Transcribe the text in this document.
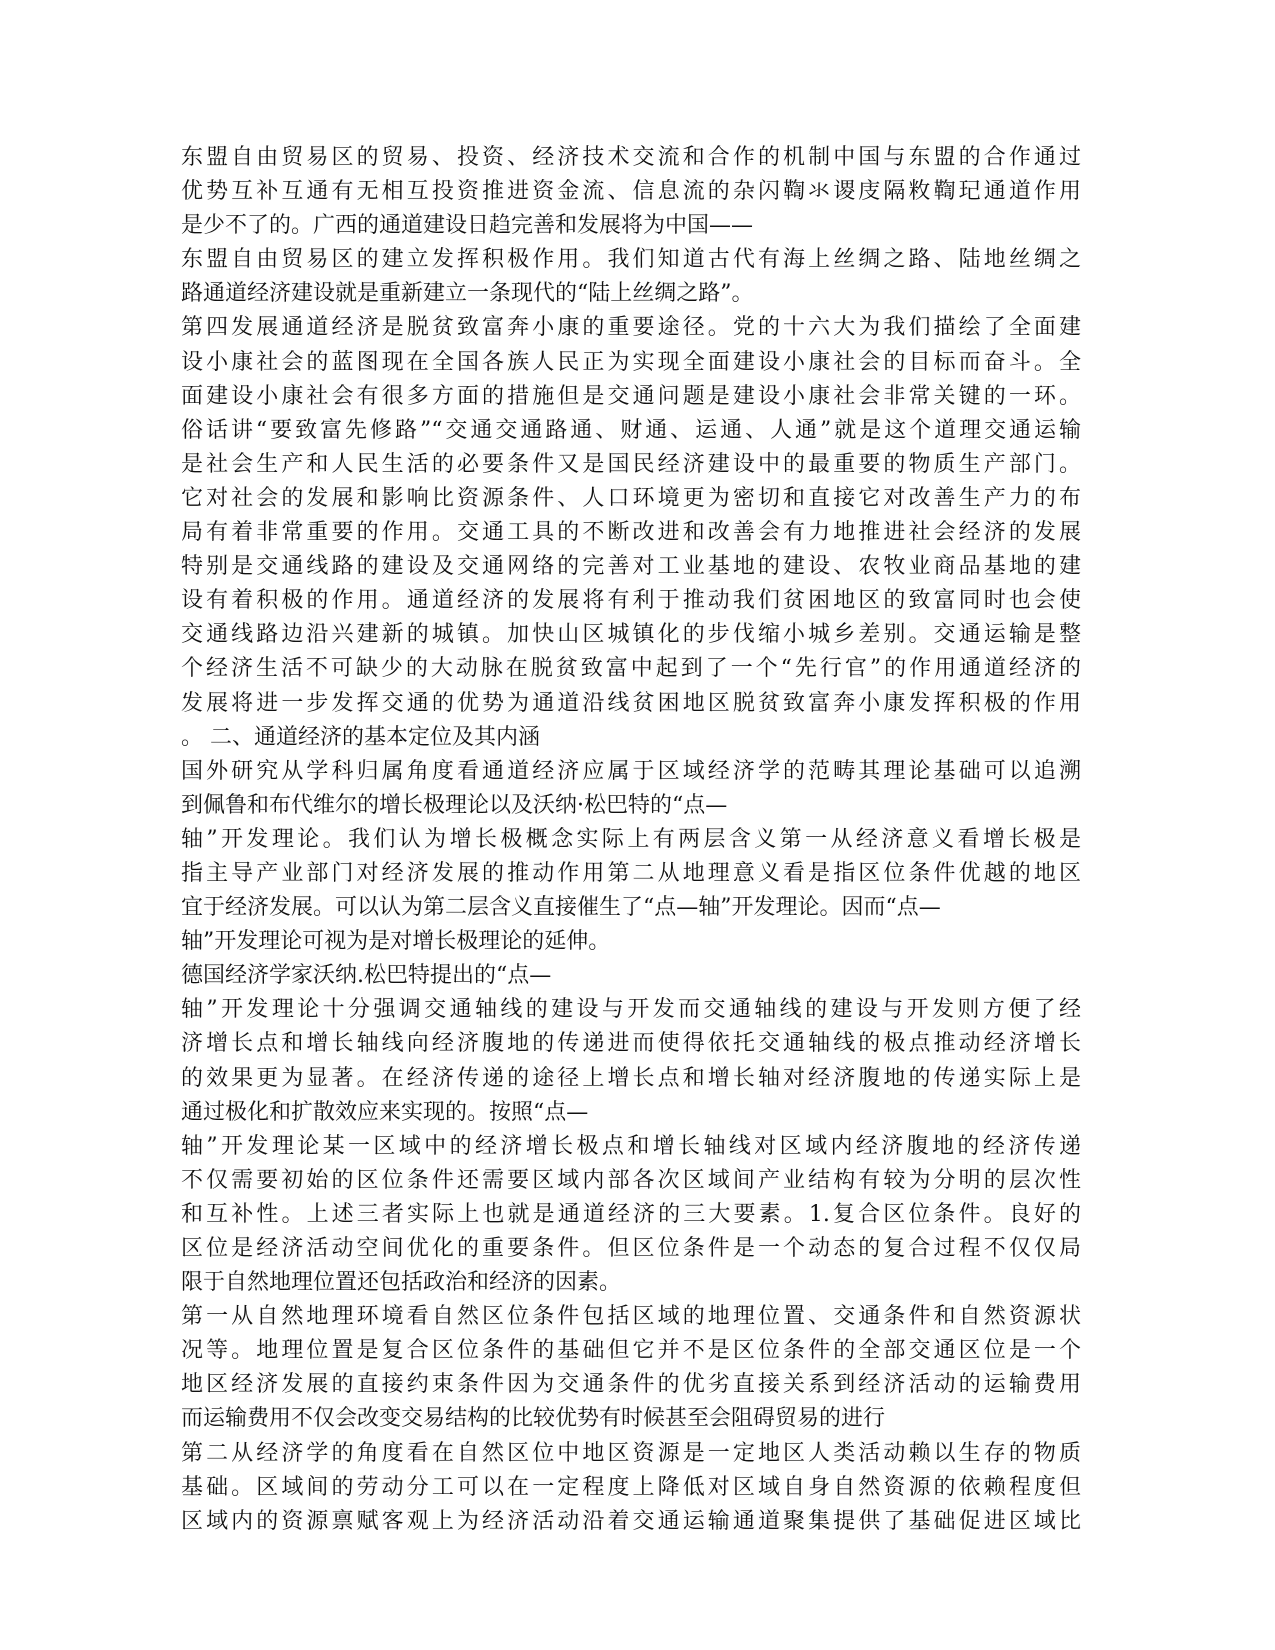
东盟自由贸易区的贸易、投资、经济技术交流和合作的机制中国与东盟的合作通过
优势互补互通有无相互投资推进资金流、信息流的杂闪鞫氺谡庋隔敉鞫玘通道作用
是少不了的。广西的通道建设日趋完善和发展将为中国——
东盟自由贸易区的建立发挥积极作用。我们知道古代有海上丝绸之路、陆地丝绸之
路通道经济建设就是重新建立一条现代的“陆上丝绸之路”。
第四发展通道经济是脱贫致富奔小康的重要途径。党的十六大为我们描绘了全面建
设小康社会的蓝图现在全国各族人民正为实现全面建设小康社会的目标而奋斗。全
面建设小康社会有很多方面的措施但是交通问题是建设小康社会非常关键的一环。
俗话讲“要致富先修路”“交通交通路通、财通、运通、人通”就是这个道理交通运输
是社会生产和人民生活的必要条件又是国民经济建设中的最重要的物质生产部门。
它对社会的发展和影响比资源条件、人口环境更为密切和直接它对改善生产力的布
局有着非常重要的作用。交通工具的不断改进和改善会有力地推进社会经济的发展
特别是交通线路的建设及交通网络的完善对工业基地的建设、农牧业商品基地的建
设有着积极的作用。通道经济的发展将有利于推动我们贫困地区的致富同时也会使
交通线路边沿兴建新的城镇。加快山区城镇化的步伐缩小城乡差别。交通运输是整
个经济生活不可缺少的大动脉在脱贫致富中起到了一个“先行官”的作用通道经济的
发展将进一步发挥交通的优势为通道沿线贫困地区脱贫致富奔小康发挥积极的作用
。 二、通道经济的基本定位及其内涵
国外研究从学科归属角度看通道经济应属于区域经济学的范畴其理论基础可以追溯
到佩鲁和布代维尔的增长极理论以及沃纳·松巴特的“点—
轴”开发理论。我们认为增长极概念实际上有两层含义第一从经济意义看增长极是
指主导产业部门对经济发展的推动作用第二从地理意义看是指区位条件优越的地区
宜于经济发展。可以认为第二层含义直接催生了“点—轴”开发理论。因而“点—
轴”开发理论可视为是对增长极理论的延伸。
德国经济学家沃纳.松巴特提出的“点—
轴”开发理论十分强调交通轴线的建设与开发而交通轴线的建设与开发则方便了经
济增长点和增长轴线向经济腹地的传递进而使得依托交通轴线的极点推动经济增长
的效果更为显著。在经济传递的途径上增长点和增长轴对经济腹地的传递实际上是
通过极化和扩散效应来实现的。按照“点—
轴”开发理论某一区域中的经济增长极点和增长轴线对区域内经济腹地的经济传递
不仅需要初始的区位条件还需要区域内部各次区域间产业结构有较为分明的层次性
和互补性。上述三者实际上也就是通道经济的三大要素。1.复合区位条件。良好的
区位是经济活动空间优化的重要条件。但区位条件是一个动态的复合过程不仅仅局
限于自然地理位置还包括政治和经济的因素。
第一从自然地理环境看自然区位条件包括区域的地理位置、交通条件和自然资源状
况等。地理位置是复合区位条件的基础但它并不是区位条件的全部交通区位是一个
地区经济发展的直接约束条件因为交通条件的优劣直接关系到经济活动的运输费用
而运输费用不仅会改变交易结构的比较优势有时候甚至会阻碍贸易的进行
第二从经济学的角度看在自然区位中地区资源是一定地区人类活动赖以生存的物质
基础。区域间的劳动分工可以在一定程度上降低对区域自身自然资源的依赖程度但
区域内的资源禀赋客观上为经济活动沿着交通运输通道聚集提供了基础促进区域比
